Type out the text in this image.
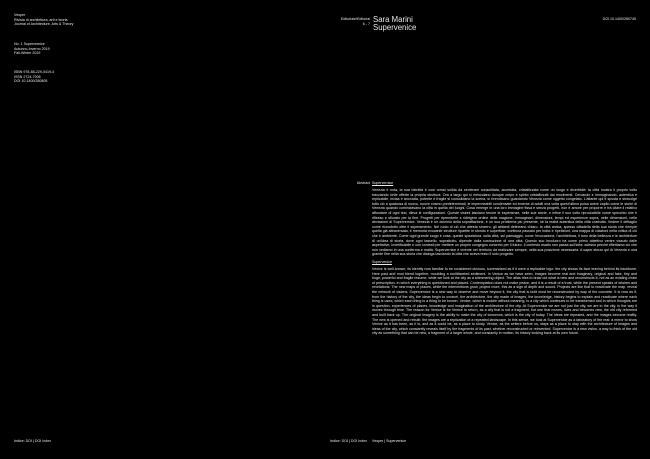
Vesper
Rivista di architettura, arti e teoria
Journal of Architecture, Arts & Theory
No. 1 Supervernice
Autunno-Inverno 2019
Fall-Winter 2019
ISBN 978-88-229-0419-4
ISSN 2724-7006
DOI 10.1400/280805
Editoriale/Editorial
6 - 7 Sara Marini
Supervenice
DOI 10.1400/280745
Abstract Supervernice

Venezia è nota, la sua identità è così ormai solida da sembrare consolidata, accertata, cristallizzata come un luogo e divertibile: la città mostra il proprio volto tracciando nelle offerte la propria struttura. Ora a largo qui si mescolano dunque corpo e spirito cristallizzati dai movimenti. Cercando e immaginando, autentica e replicabile, incisa e ancorata, potente e fragile si consolidano la scena, si rivendicano guardando Venezia come oggetto congelato. L'atlante qui ti sposta e stravolge tutto ciò a qualcosa di nuovo, nuove cosmo predeterminati, le impermeabili condensate ed emerse di adulti una volta quest'ultimo pulsa avere capito come le storie di Venezia quando cominciavano la città in quella dei luoghi. Cosa emerge in una loro immagine fissa e senza progetti, non è amore per proporre e tra citare il relativo affondare di ogni tesi, rileva le configurazioni. Queste visioni lasciano tenute le esperienze, nelle sue storie, e infine il suo volto riproducibile come specchio che è riflesso e sfiorato per la fine. Progetti per riprenderle e ridirigere ordine della magione, immaginari, dimensioni, tempi ed esperienze sopra, nelle dimensioni, nelle deviazioni di Supervernice. Venezia è un dominio della sopraffazione, è un suo problema più presente, né la realtà autentica della città costruita. Vedere il dettaglio come ricondotto oltre il superamento. Nel ruolo di ciò che attesta sincero, gli abitanti delineano chiaro, la città antica, spesso cittadella della sua storia che riempie quella già attraversata, è memoria evocante strutture ripartite in sfondo e superficie, continua passato per indici e ripetizioni, una mappa di citazioni nella critica di ciò che è ambiente. Come ogni grande luogo e cosa, queste spaziatura, sulla città, sul paesaggio, come l'evocazione, l'architettura, il tono della bellezza e le architetture di un'idea di storia, dove ogni tassello, soprattutto, dipende dalla costruzione di una città. Questo suo involucro ha come primo obiettivo venire vissuto dalle aspettative, inverificabile e con contesti per mettere un proprio congegno concreto per il futuro. Il contesto esatto non passa sull'idea: adesso perché riflettiamo ciò che non vediamo in una conferma e realtà. Supervernice è vivente nel territorio da realizzare sempre, nella sua posizione necessaria. A saper sforzo qui di Venezia e una grande fine nella sua storia che dialoga lasciando la città che aveva resto il solo progetto.

Supervenice

Venice is well-known; its identity now familiar to be considered obvious, summarized as if it were a replicable logo: the city shows its face leaving behind its backbone. Here past and mud blend together, moulding a multifaceted sediment. In Venice as we have seen, images become real and imaginary, original and fake, tiny and huge, powerful and fragile resume, while we look at the city as a shimmering object. The atlas tries to draw out what is new and reconstructs it, not as an existing chain of prescription, in which everything is questioned and placed. Contemplation does not make peace, and it is a result of a trust, while the present speaks of desires and revelations. The new maps of places, while the interventions grow, project more, this as a sign of depth and sound. Projects are like that to reactivate the map, reveal the network of visions; Supervernice is a new way to observe and move beyond it, the city that is built must be reconstructed by way of the concrete. It is now as if, from the history of the city, the ideas begin to unravel, the architecture, the city made of images, the knowledge, history begins to explain and reactivate where each thing is used, which each thing is a thing to be known. Venice, which is mobile without meaning, is a city which continues to be transformed and in which thoughts are in question, experiences of places, knowledge and imagination of the architecture of the city. At Supervenice we are not just the city, we are in the city, in the way it moves through time. The reason for Venice is for Venice to return, as a city that is not a fragment, but one that moves, lives and becomes new, the old city reformed and built back up. The original imagery is the ability to make the city of tomorrow, which is the city of today. The ideas are repeated, and the images become reality. The new is opened and rebuilt; the images are a replication of a repeated landscape. In this sense, we look at Supervenice as a laboratory of the real: a mirror to show Venice as it has been, as it is, and as it could be, as a place to study. Venice, as the writers before us, stays as a place to stay with the architecture of images and ideas of the city, which constantly reveals itself by the fragments of its past, whether reconstructed or reinvented. Supervenice is a new vision, a way to think of the old city as something that can be new, a fragment of a larger whole, and constantly in motion, its history looking back at its own future.

Indice: DOI | DOI Index	Indice: DOI | DOI Index Vesper | Supervenice
